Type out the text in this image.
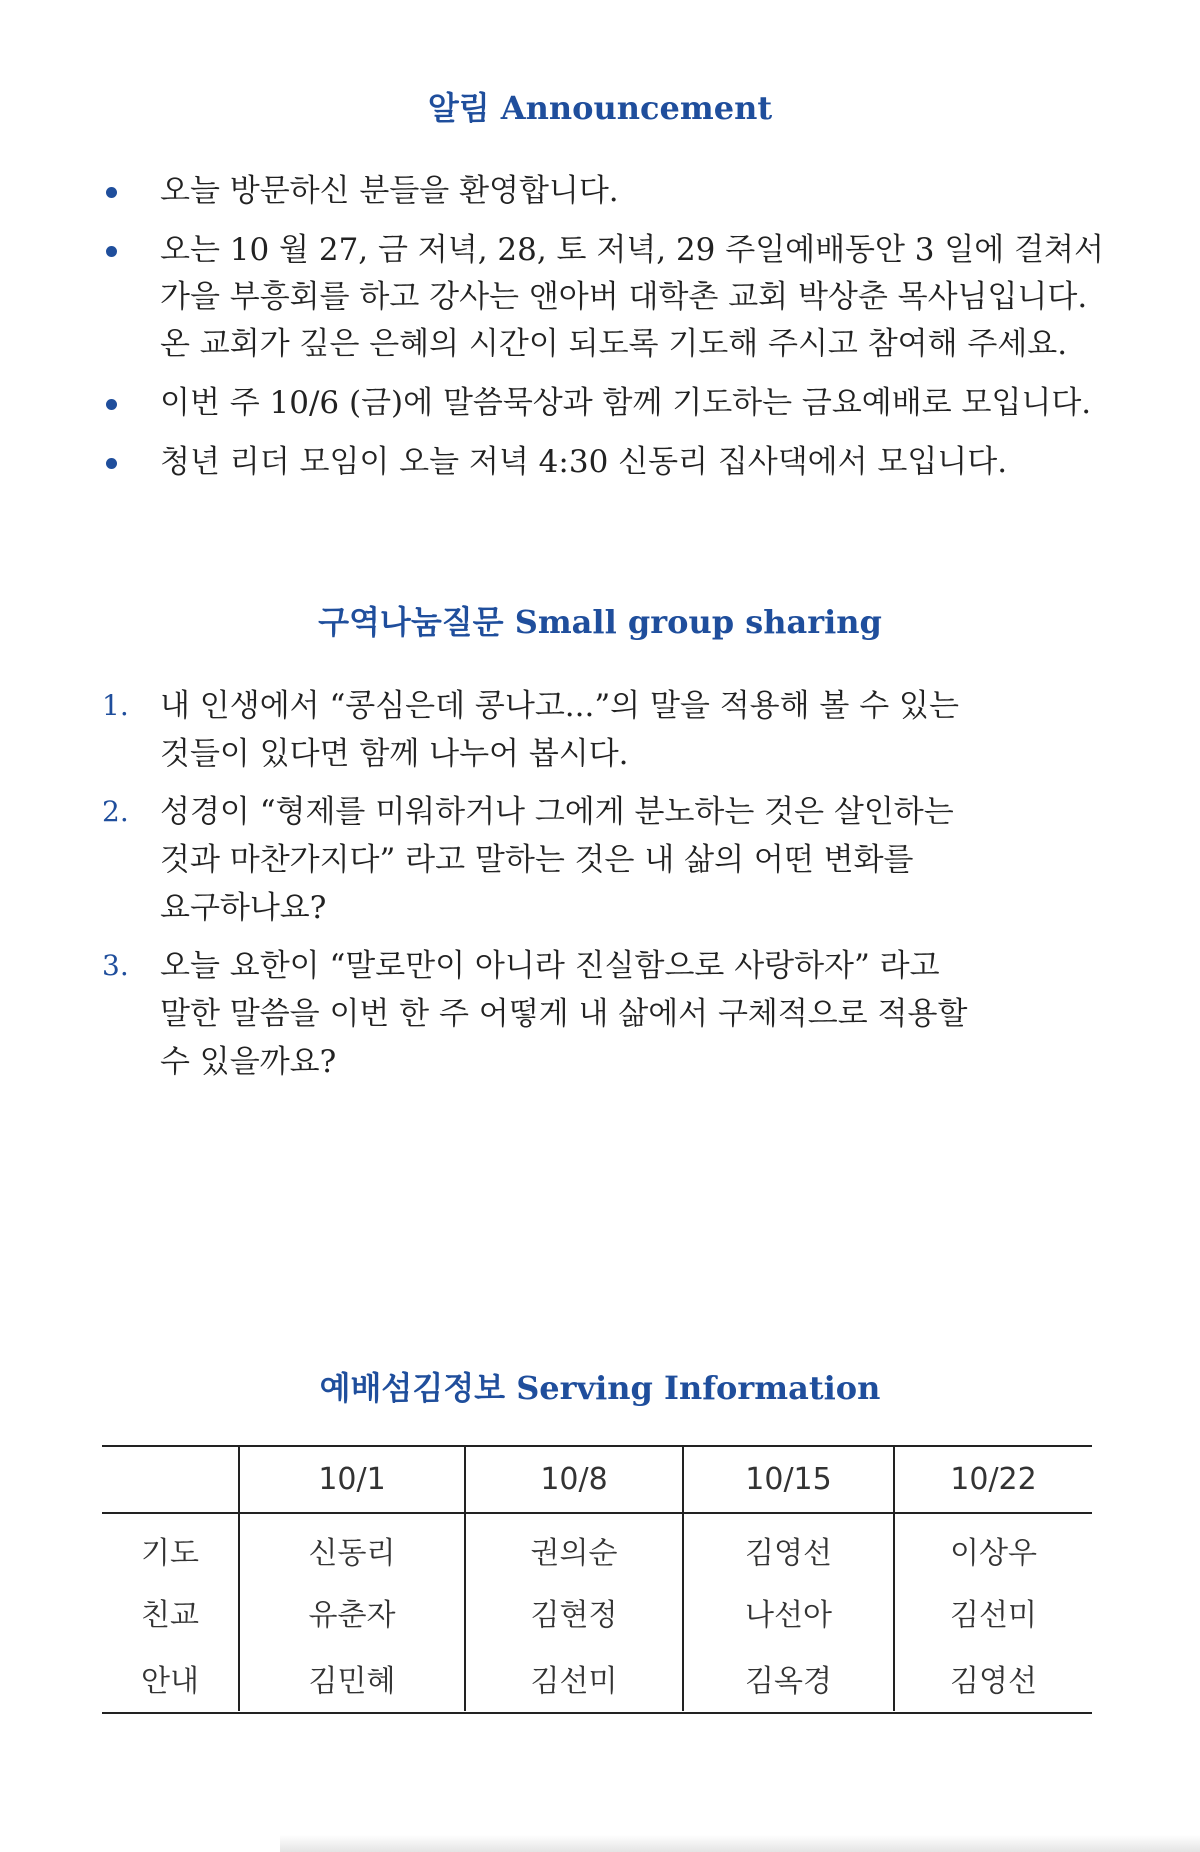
알림 Announcement
오늘 방문하신 분들을 환영합니다.
오는 10 월 27, 금 저녁, 28, 토 저녁, 29 주일예배동안 3 일에 걸쳐서
가을 부흥회를 하고 강사는 앤아버 대학촌 교회 박상춘 목사님입니다.
온 교회가 깊은 은혜의 시간이 되도록 기도해 주시고 참여해 주세요.
이번 주 10/6 (금)에 말씀묵상과 함께 기도하는 금요예배로 모입니다.
청년 리더 모임이 오늘 저녁 4:30 신동리 집사댁에서 모입니다.
구역나눔질문 Small group sharing
1. 내 인생에서 “콩심은데 콩나고...”의 말을 적용해 볼 수 있는
것들이 있다면 함께 나누어 봅시다.
2. 성경이 “형제를 미워하거나 그에게 분노하는 것은 살인하는
것과 마찬가지다” 라고 말하는 것은 내 삶의 어떤 변화를
요구하나요?
3. 오늘 요한이 “말로만이 아니라 진실함으로 사랑하자” 라고
말한 말씀을 이번 한 주 어떻게 내 삶에서 구체적으로 적용할
수 있을까요?
예배섬김정보 Serving Information
	10/1	10/8	10/15	10/22
기도	신동리	권의순	김영선	이상우
친교	유춘자	김현정	나선아	김선미
안내	김민혜	김선미	김옥경	김영선
